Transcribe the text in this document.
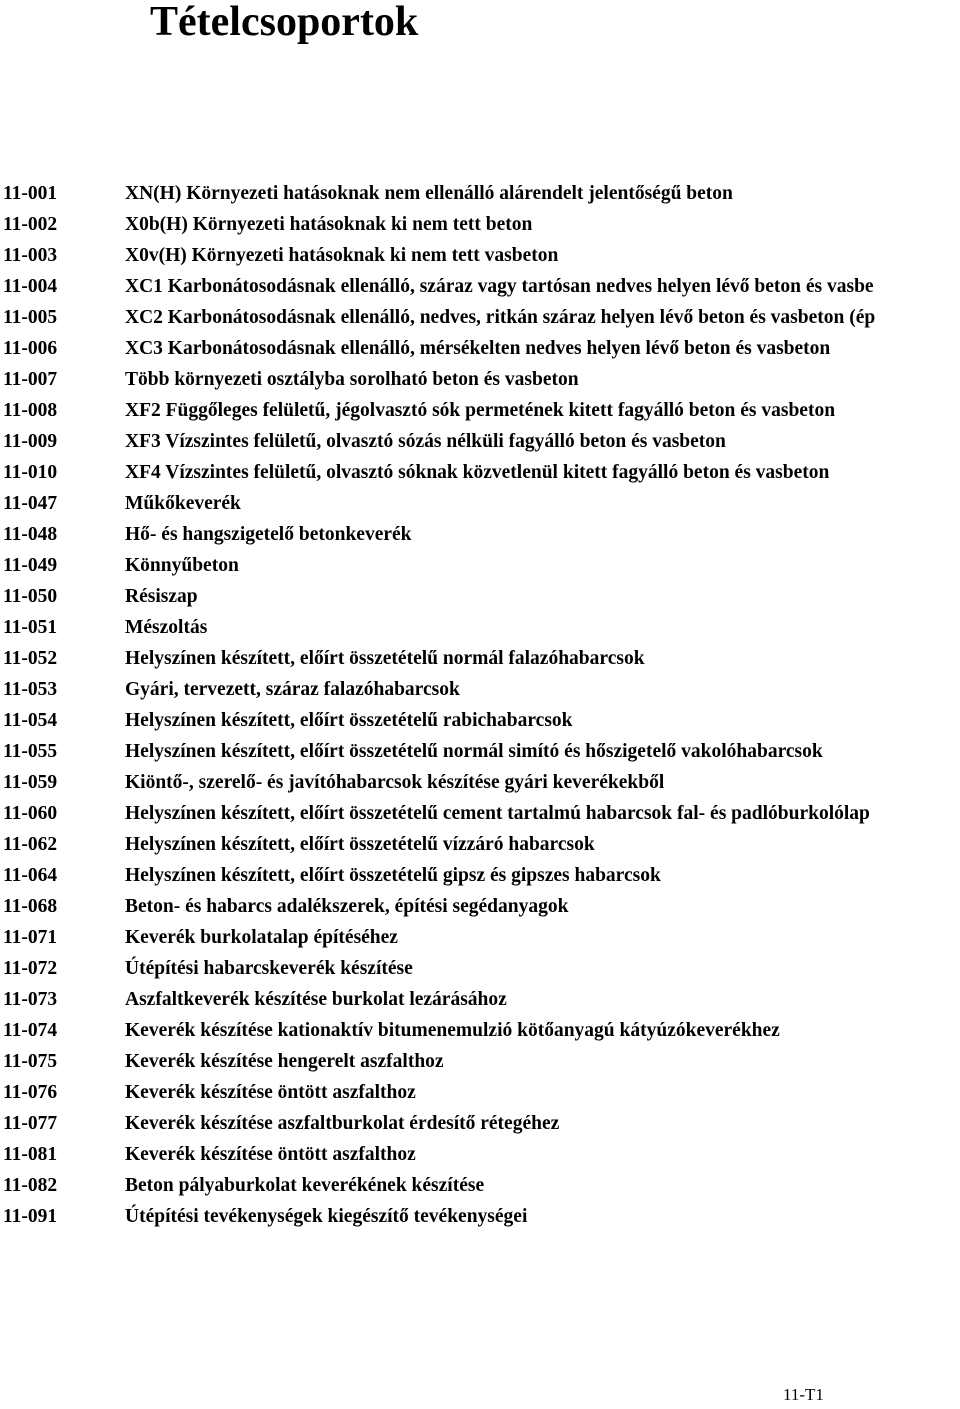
Tételcsoportok
11-001	XN(H) Környezeti hatásoknak nem ellenálló alárendelt jelentőségű beton
11-002	X0b(H) Környezeti hatásoknak ki nem tett beton
11-003	X0v(H) Környezeti hatásoknak ki nem tett vasbeton
11-004	XC1 Karbonátosodásnak ellenálló, száraz vagy tartósan nedves helyen lévő beton és vasbe
11-005	XC2 Karbonátosodásnak ellenálló, nedves, ritkán száraz helyen lévő beton és vasbeton (ép
11-006	XC3 Karbonátosodásnak ellenálló, mérsékelten nedves helyen lévő beton és vasbeton
11-007	Több környezeti osztályba sorolható beton és vasbeton
11-008	XF2 Függőleges felületű, jégolvasztó sók permetének kitett fagyálló beton és vasbeton
11-009	XF3 Vízszintes felületű, olvasztó sózás nélküli fagyálló beton és vasbeton
11-010	XF4 Vízszintes felületű, olvasztó sóknak közvetlenül kitett fagyálló beton és vasbeton
11-047	Műkőkeverék
11-048	Hő- és hangszigetelő betonkeverék
11-049	Könnyűbeton
11-050	Résiszap
11-051	Mészoltás
11-052	Helyszínen készített, előírt összetételű normál falazóhabarcsok
11-053	Gyári, tervezett, száraz falazóhabarcsok
11-054	Helyszínen készített, előírt összetételű rabichabarcsok
11-055	Helyszínen készített, előírt összetételű normál simító és hőszigetelő vakolóhabarcsok
11-059	Kiöntő-, szerelő- és javítóhabarcsok készítése gyári keverékekből
11-060	Helyszínen készített, előírt összetételű cement tartalmú habarcsok fal- és padlóburkolólap
11-062	Helyszínen készített, előírt összetételű vízzáró habarcsok
11-064	Helyszínen készített, előírt összetételű gipsz és gipszes habarcsok
11-068	Beton- és habarcs adalékszerek, építési segédanyagok
11-071	Keverék burkolatalap építéséhez
11-072	Útépítési habarcskeverék készítése
11-073	Aszfaltkeverék készítése burkolat lezárásához
11-074	Keverék készítése kationaktív bitumenemulzió kötőanyagú kátyúzókeverékhez
11-075	Keverék készítése hengerelt aszfalthoz
11-076	Keverék készítése öntött aszfalthoz
11-077	Keverék készítése aszfaltburkolat érdesítő rétegéhez
11-081	Keverék készítése öntött aszfalthoz
11-082	Beton pályaburkolat keverékének készítése
11-091	Útépítési tevékenységek kiegészítő tevékenységei
11-T1
